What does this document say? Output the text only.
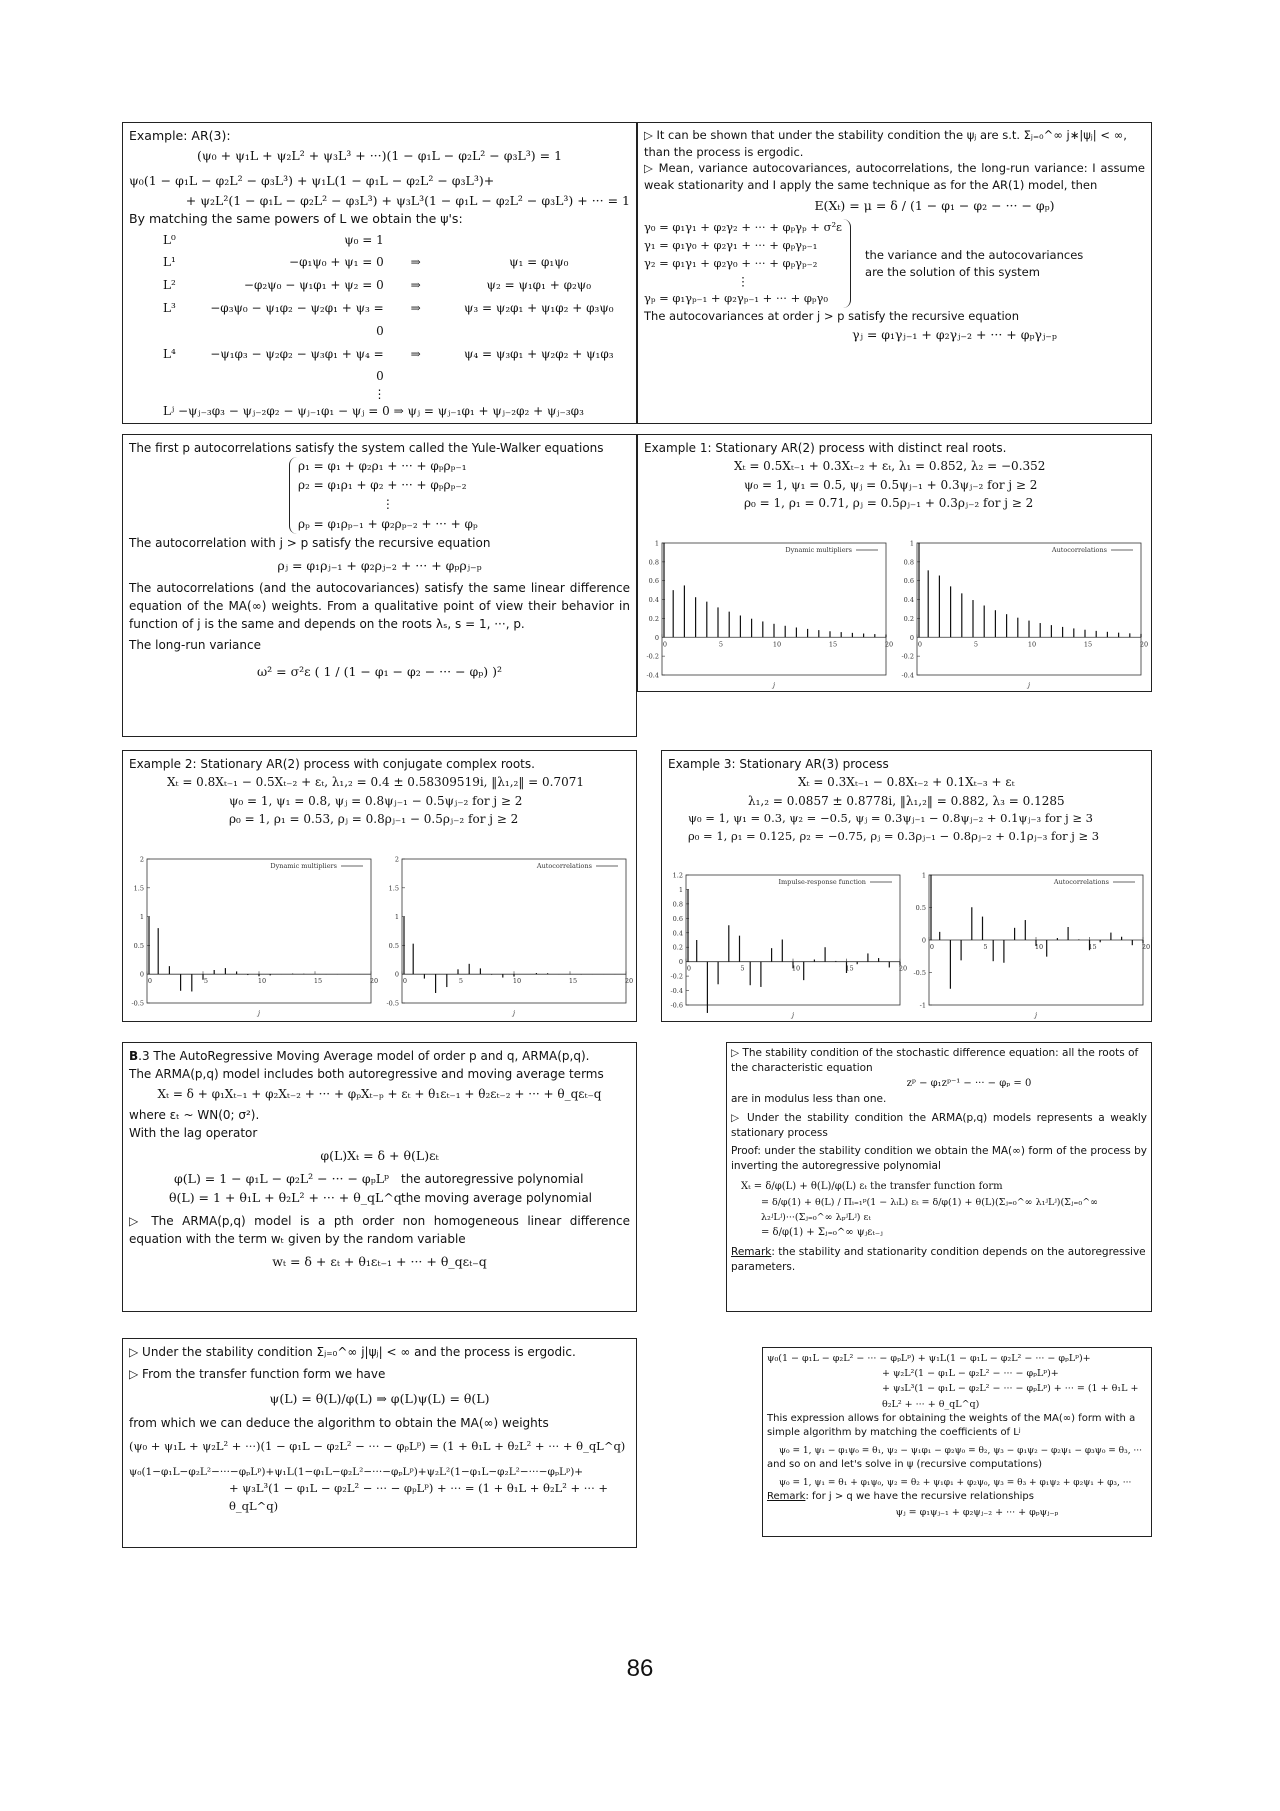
Example: AR(3):

(ψ₀ + ψ₁L + ψ₂L² + ψ₃L³ + ···)(1 − φ₁L − φ₂L² − φ₃L³) = 1
ψ₀(1 − φ₁L − φ₂L² − φ₃L³) + ψ₁L(1 − φ₁L − φ₂L² − φ₃L³)+
+ ψ₂L²(1 − φ₁L − φ₂L² − φ₃L³) + ψ₃L³(1 − φ₁L − φ₂L² − φ₃L³) + ··· = 1

By matching the same powers of L we obtain the ψ's:

L⁰	ψ₀ = 1
L¹	−φ₁ψ₀ + ψ₁ = 0	⇒	ψ₁ = φ₁ψ₀
L²	−φ₂ψ₀ − ψ₁φ₁ + ψ₂ = 0	⇒	ψ₂ = ψ₁φ₁ + φ₂ψ₀
L³	−φ₃ψ₀ − ψ₁φ₂ − ψ₂φ₁ + ψ₃ = 0
⇒	ψ₃ = ψ₂φ₁ + ψ₁φ₂ + φ₃ψ₀
L⁴	−ψ₁φ₃ − ψ₂φ₂ − ψ₃φ₁ + ψ₄ = 0
⇒	ψ₄ = ψ₃φ₁ + ψ₂φ₂ + ψ₁φ₃
⋮
Lʲ −ψⱼ₋₃φ₃ − ψⱼ₋₂φ₂ − ψⱼ₋₁φ₁ − ψⱼ = 0 ⇒ ψⱼ = ψⱼ₋₁φ₁ + ψⱼ₋₂φ₂ + ψⱼ₋₃φ₃

▷ It can be shown that under the stability condition the ψⱼ are s.t. Σⱼ₌₀^∞ j∗|ψⱼ| < ∞,

than the process is ergodic.

▷ Mean, variance autocovariances, autocorrelations, the long-run variance: I assume weak stationarity and I apply the same technique as for the AR(1) model, then

E(Xₜ) = μ = δ / (1 − φ₁ − φ₂ − ··· − φₚ)
γ₀ = φ₁γ₁ + φ₂γ₂ + ··· + φₚγₚ + σ²ε
γ₁ = φ₁γ₀ + φ₂γ₁ + ··· + φₚγₚ₋₁
γ₂ = φ₁γ₁ + φ₂γ₀ + ··· + φₚγₚ₋₂
⋮
γₚ = φ₁γₚ₋₁ + φ₂γₚ₋₁ + ··· + φₚγ₀
the variance and the autocovariances
are the solution of this system

The autocovariances at order j > p satisfy the recursive equation

γⱼ = φ₁γⱼ₋₁ + φ₂γⱼ₋₂ + ··· + φₚγⱼ₋ₚ

The first p autocorrelations satisfy the system called the Yule-Walker equations

ρ₁ = φ₁ + φ₂ρ₁ + ··· + φₚρₚ₋₁
ρ₂ = φ₁ρ₁ + φ₂ + ··· + φₚρₚ₋₂
⋮
ρₚ = φ₁ρₚ₋₁ + φ₂ρₚ₋₂ + ··· + φₚ

The autocorrelation with j > p satisfy the recursive equation

ρⱼ = φ₁ρⱼ₋₁ + φ₂ρⱼ₋₂ + ··· + φₚρⱼ₋ₚ

The autocorrelations (and the autocovariances) satisfy the same linear difference equation of the MA(∞) weights. From a qualitative point of view their behavior in function of j is the same and depends on the roots λₛ, s = 1, ···, p.

The long-run variance

ω² = σ²ε ( 1 / (1 − φ₁ − φ₂ − ··· − φₚ) )²

Example 1: Stationary AR(2) process with distinct real roots.

Xₜ = 0.5Xₜ₋₁ + 0.3Xₜ₋₂ + εₜ, λ₁ = 0.852, λ₂ = −0.352
ψ₀ = 1, ψ₁ = 0.5, ψⱼ = 0.5ψⱼ₋₁ + 0.3ψⱼ₋₂ for j ≥ 2
ρ₀ = 1, ρ₁ = 0.71, ρⱼ = 0.5ρⱼ₋₁ + 0.3ρⱼ₋₂ for j ≥ 2
-0.4
-0.2
0
0.2
0.4
0.6
0.8
1
0	5	10	15	20
Dynamic multipliers
j
-0.4
-0.2
0
0.2
0.4
0.6
0.8
1
0	5	10	15	20
Autocorrelations
j

Example 2: Stationary AR(2) process with conjugate complex roots.

Xₜ = 0.8Xₜ₋₁ − 0.5Xₜ₋₂ + εₜ, λ₁,₂ = 0.4 ± 0.58309519i, ‖λ₁,₂‖ = 0.7071
ψ₀ = 1, ψ₁ = 0.8, ψⱼ = 0.8ψⱼ₋₁ − 0.5ψⱼ₋₂ for j ≥ 2
ρ₀ = 1, ρ₁ = 0.53, ρⱼ = 0.8ρⱼ₋₁ − 0.5ρⱼ₋₂ for j ≥ 2
-0.5
0
0.5
1
1.5
2
0	5	10	15	20
Dynamic multipliers
j
-0.5
0
0.5
1
1.5
2
0	5	10	15	20
Autocorrelations
j

Example 3: Stationary AR(3) process

Xₜ = 0.3Xₜ₋₁ − 0.8Xₜ₋₂ + 0.1Xₜ₋₃ + εₜ
λ₁,₂ = 0.0857 ± 0.8778i, ‖λ₁,₂‖ = 0.882, λ₃ = 0.1285
ψ₀ = 1, ψ₁ = 0.3, ψ₂ = −0.5, ψⱼ = 0.3ψⱼ₋₁ − 0.8ψⱼ₋₂ + 0.1ψⱼ₋₃ for j ≥ 3
ρ₀ = 1, ρ₁ = 0.125, ρ₂ = −0.75, ρⱼ = 0.3ρⱼ₋₁ − 0.8ρⱼ₋₂ + 0.1ρⱼ₋₃ for j ≥ 3
-0.6
-0.4
-0.2
0
0.2
0.4
0.6
0.8
1
1.2
0	5	10	15	20
Impulse-response function
j
-1
-0.5
0
0.5
1
0	5	10	15	20
Autocorrelations
j

B.3 The AutoRegressive Moving Average model of order p and q, ARMA(p,q).

The ARMA(p,q) model includes both autoregressive and moving average terms

Xₜ = δ + φ₁Xₜ₋₁ + φ₂Xₜ₋₂ + ··· + φₚXₜ₋ₚ + εₜ + θ₁εₜ₋₁ + θ₂εₜ₋₂ + ··· + θ_qεₜ₋q

where εₜ ~ WN(0; σ²).

With the lag operator

φ(L)Xₜ = δ + θ(L)εₜ
φ(L) = 1 − φ₁L − φ₂L² − ··· − φₚLᵖ	the autoregressive polynomial
θ(L) = 1 + θ₁L + θ₂L² + ··· + θ_qL^q the moving average polynomial

▷ The ARMA(p,q) model is a pth order non homogeneous linear difference equation with the term wₜ given by the random variable

wₜ = δ + εₜ + θ₁εₜ₋₁ + ··· + θ_qεₜ₋q

▷ The stability condition of the stochastic difference equation: all the roots of the characteristic equation

zᵖ − φ₁zᵖ⁻¹ − ··· − φₚ = 0

are in modulus less than one.

▷ Under the stability condition the ARMA(p,q) models represents a weakly stationary process

Proof: under the stability condition we obtain the MA(∞) form of the process by inverting the autoregressive polynomial

Xₜ = δ/φ(L) + θ(L)/φ(L) εₜ the transfer function form
= δ/φ(1) + θ(L) / Πᵢ₌₁ᵖ(1 − λᵢL) εₜ = δ/φ(1) + θ(L)(Σⱼ₌₀^∞ λ₁ʲLʲ)(Σⱼ₌₀^∞ λ₂ʲLʲ)···(Σⱼ₌₀^∞ λₚʲLʲ) εₜ
= δ/φ(1) + Σⱼ₌₀^∞ ψⱼεₜ₋ⱼ

Remark: the stability and stationarity condition depends on the autoregressive parameters.

▷ Under the stability condition Σⱼ₌₀^∞ j|ψⱼ| < ∞ and the process is ergodic.

▷ From the transfer function form we have

ψ(L) = θ(L)/φ(L) ⇒ φ(L)ψ(L) = θ(L)

from which we can deduce the algorithm to obtain the MA(∞) weights

(ψ₀ + ψ₁L + ψ₂L² + ···)(1 − φ₁L − φ₂L² − ··· − φₚLᵖ) = (1 + θ₁L + θ₂L² + ··· + θ_qL^q)
ψ₀(1−φ₁L−φ₂L²−···−φₚLᵖ)+ψ₁L(1−φ₁L−φ₂L²−···−φₚLᵖ)+ψ₂L²(1−φ₁L−φ₂L²−···−φₚLᵖ)+
+ ψ₃L³(1 − φ₁L − φ₂L² − ··· − φₚLᵖ) + ··· = (1 + θ₁L + θ₂L² + ··· + θ_qL^q)
ψ₀(1 − φ₁L − φ₂L² − ··· − φₚLᵖ) + ψ₁L(1 − φ₁L − φ₂L² − ··· − φₚLᵖ)+
+ ψ₂L²(1 − φ₁L − φ₂L² − ··· − φₚLᵖ)+
+ ψ₃L³(1 − φ₁L − φ₂L² − ··· − φₚLᵖ) + ··· = (1 + θ₁L + θ₂L² + ··· + θ_qL^q)

This expression allows for obtaining the weights of the MA(∞) form with a simple algorithm by matching the coefficients of Lʲ

ψ₀ = 1, ψ₁ − φ₁ψ₀ = θ₁, ψ₂ − ψ₁φ₁ − φ₂ψ₀ = θ₂, ψ₃ − φ₁ψ₂ − φ₂ψ₁ − φ₃ψ₀ = θ₃, ···

and so on and let's solve in ψ (recursive computations)

ψ₀ = 1, ψ₁ = θ₁ + φ₁ψ₀, ψ₂ = θ₂ + ψ₁φ₁ + φ₂ψ₀, ψ₃ = θ₃ + φ₁ψ₂ + φ₂ψ₁ + φ₃, ···

Remark: for j > q we have the recursive relationships

ψⱼ = φ₁ψⱼ₋₁ + φ₂ψⱼ₋₂ + ··· + φₚψⱼ₋ₚ
86
